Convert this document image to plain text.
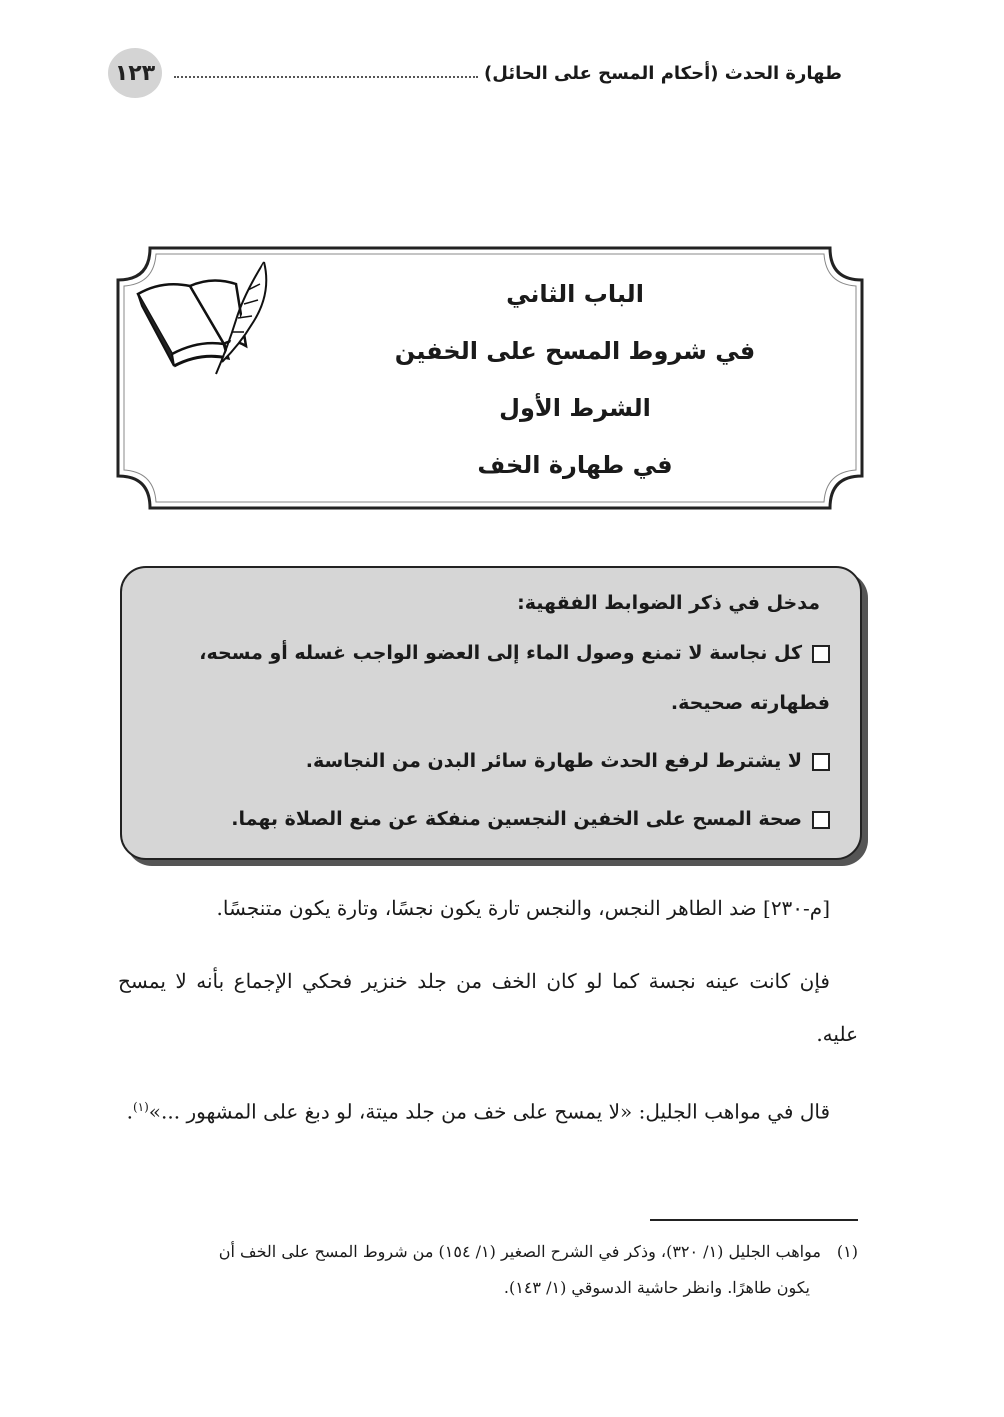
١٢٣	طهارة الحدث (أحكام المسح على الحائل)
الباب الثاني
في شروط المسح على الخفين
الشرط الأول
في طهارة الخف
مدخل في ذكر الضوابط الفقهية:
كل نجاسة لا تمنع وصول الماء إلى العضو الواجب غسله أو مسحه، فطهارته صحيحة.
لا يشترط لرفع الحدث طهارة سائر البدن من النجاسة.
صحة المسح على الخفين النجسين منفكة عن منع الصلاة بهما.

[م-٢٣٠] ضد الطاهر النجس، والنجس تارة يكون نجسًا، وتارة يكون متنجسًا.

فإن كانت عينه نجسة كما لو كان الخف من جلد خنزير فحكي الإجماع بأنه لا يمسح عليه.

قال في مواهب الجليل: «لا يمسح على خف من جلد ميتة، لو دبغ على المشهور ...»$^{(١)}$.

(١)مواهب الجليل (١/ ٣٢٠)، وذكر في الشرح الصغير (١/ ١٥٤) من شروط المسح على الخف أن
يكون طاهرًا. وانظر حاشية الدسوقي (١/ ١٤٣).
